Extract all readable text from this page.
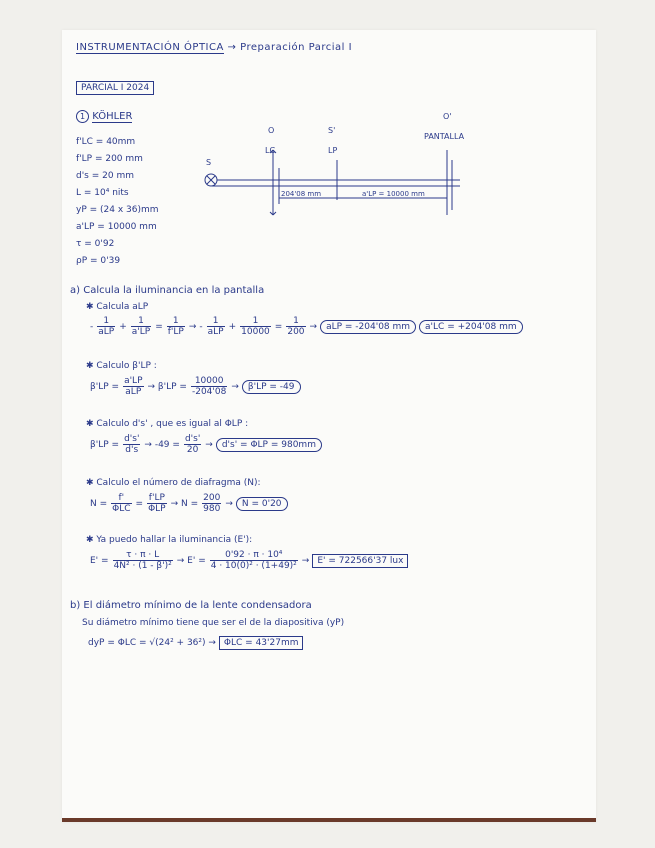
INSTRUMENTACIÓN ÓPTICA → Preparación Parcial I
PARCIAL I 2024
1 KÖHLER
f'LC = 40mm
f'LP = 200 mm
d's = 20 mm
L = 10⁴ nits
yP = (24 x 36)mm
a'LP = 10000 mm
τ = 0'92
ρP = 0'39
O
LC
S'
LP
O'
PANTALLA
S
204'08 mm	a'LP = 10000 mm
a) Calcula la iluminancia en la pantalla
✱ Calcula aLP
- $\frac{1}{\text{aLP}} + \frac{1}{a'LP} = \frac{1}{f'LP}$ → - $\frac{1}{\text{aLP}} + \frac{1}{10000} = \frac{1}{200}$ →	aLP = -204'08 mm	a'LC = +204'08 mm
✱ Calculo β'LP :
$\beta'LP = \frac{a'LP}{\text{aLP}} \to \beta'LP = \frac{10000}{-204'08}$ →	β'LP = -49
✱ Calculo d's' , que es igual al ΦLP :
$\beta'LP = \frac{d's'}{d's} \to -49 = \frac{d's'}{20}$ →	d's' = ΦLP = 980mm
✱ Calculo el número de diafragma (N):
$N = \frac{f'}{\text{ΦLC}} = \frac{f'LP}{\text{ΦLP}} \to N = \frac{200}{980}$ →	N = 0'20
✱ Ya puedo hallar la iluminancia (E'):
$E' = \frac{\tau \cdot \pi \cdot L}{\text{4N² · (1 - β')²}} \to E' = \frac{\text{0'92 · π · 10⁴}}{\text{4 · 10(0)² · (1+49)²}} \to E' = 722566'37$ lux
b) El diámetro mínimo de la lente condensadora
Su diámetro mínimo tiene que ser el de la diapositiva (yP)
dyP = ΦLC = √(24² + 36²) → ΦLC = 43'27mm
